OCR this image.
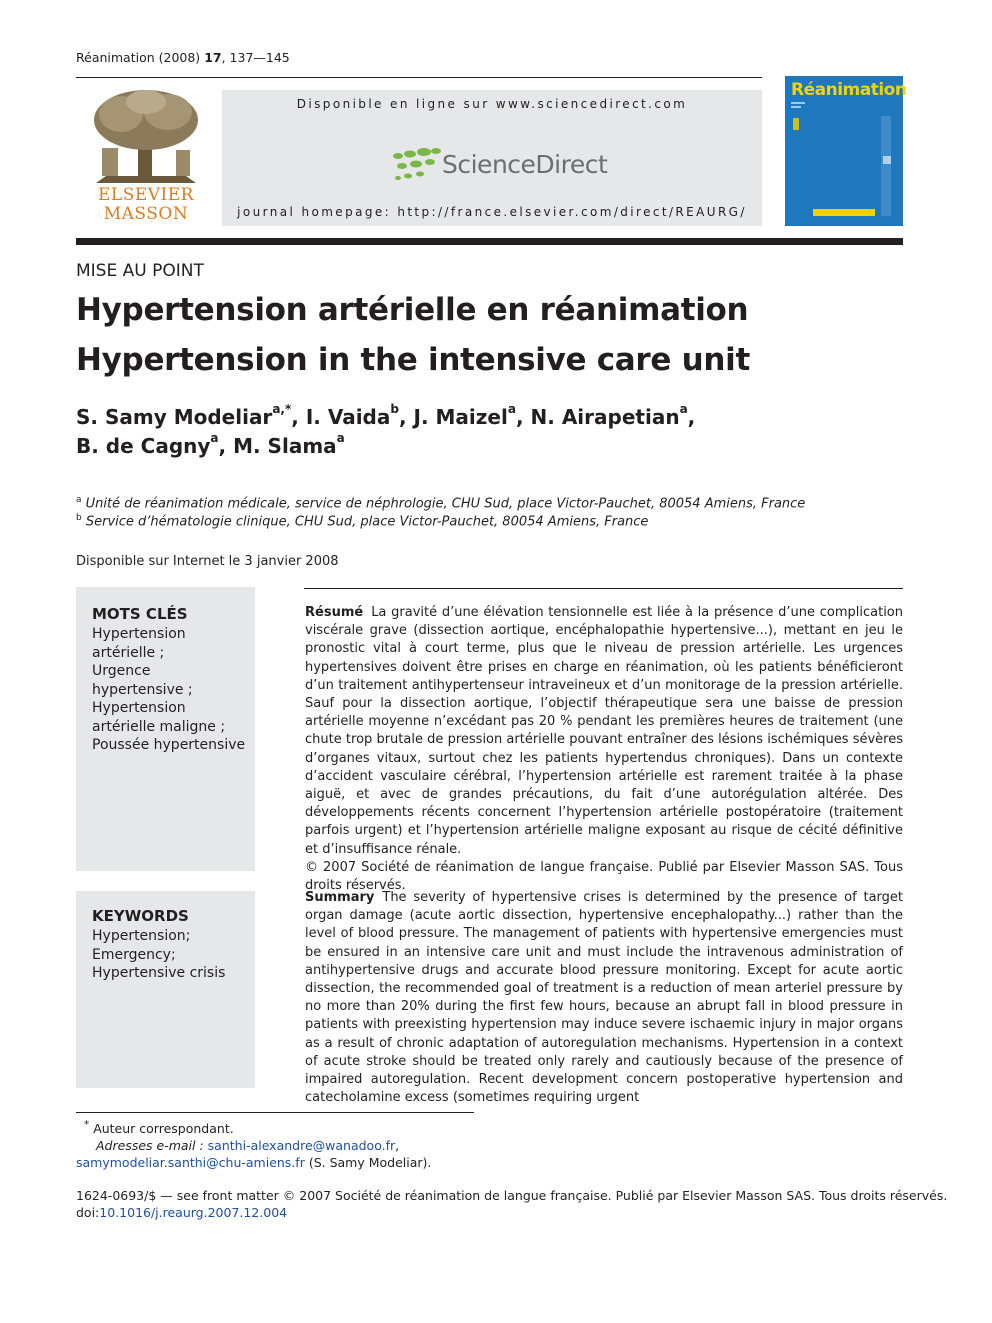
Réanimation (2008) 17, 137—145
ELSEVIER
MASSON
Disponible en ligne sur www.sciencedirect.com
ScienceDirect
journal homepage: http://france.elsevier.com/direct/REAURG/
Réanimation
MISE AU POINT
Hypertension artérielle en réanimation
Hypertension in the intensive care unit
S. Samy Modeliar$^{a,*}$, I. Vaida$^b$, J. Maizel$^a$, N. Airapetian$^a$,
B. de Cagny$^a$, M. Slama$^a$
$^a$ Unité de réanimation médicale, service de néphrologie, CHU Sud, place Victor-Pauchet, 80054 Amiens, France
$^b$ Service d’hématologie clinique, CHU Sud, place Victor-Pauchet, 80054 Amiens, France
Disponible sur Internet le 3 janvier 2008
MOTS CLÉS
Hypertension
artérielle ;
Urgence
hypertensive ;
Hypertension
artérielle maligne ;
Poussée hypertensive
KEYWORDS
Hypertension;
Emergency;
Hypertensive crisis
Résumé La gravité d’une élévation tensionnelle est liée à la présence d’une complication viscérale grave (dissection aortique, encéphalopathie hypertensive...), mettant en jeu le pronostic vital à court terme, plus que le niveau de pression artérielle. Les urgences hypertensives doivent être prises en charge en réanimation, où les patients bénéficieront d’un traitement antihypertenseur intraveineux et d’un monitorage de la pression artérielle. Sauf pour la dissection aortique, l’objectif thérapeutique sera une baisse de pression artérielle moyenne n’excédant pas 20 % pendant les premières heures de traitement (une chute trop brutale de pression artérielle pouvant entraîner des lésions ischémiques sévères d’organes vitaux, surtout chez les patients hypertendus chroniques). Dans un contexte d’accident vasculaire cérébral, l’hypertension artérielle est rarement traitée à la phase aiguë, et avec de grandes précautions, du fait d’une autorégulation altérée. Des développements récents concernent l’hypertension artérielle postopératoire (traitement parfois urgent) et l’hypertension artérielle maligne exposant au risque de cécité définitive et d’insuffisance rénale.
© 2007 Société de réanimation de langue française. Publié par Elsevier Masson SAS. Tous droits réservés.
Summary The severity of hypertensive crises is determined by the presence of target organ damage (acute aortic dissection, hypertensive encephalopathy...) rather than the level of blood pressure. The management of patients with hypertensive emergencies must be ensured in an intensive care unit and must include the intravenous administration of antihypertensive drugs and accurate blood pressure monitoring. Except for acute aortic dissection, the recommended goal of treatment is a reduction of mean arteriel pressure by no more than 20% during the first few hours, because an abrupt fall in blood pressure in patients with preexisting hypertension may induce severe ischaemic injury in major organs as a result of chronic adaptation of autoregulation mechanisms. Hypertension in a context of acute stroke should be treated only rarely and cautiously because of the presence of impaired autoregulation. Recent development concern postoperative hypertension and catecholamine excess (sometimes requiring urgent
* Auteur correspondant.
Adresses e-mail : santhi-alexandre@wanadoo.fr,
samymodeliar.santhi@chu-amiens.fr (S. Samy Modeliar).
1624-0693/$ — see front matter © 2007 Société de réanimation de langue française. Publié par Elsevier Masson SAS. Tous droits réservés.
doi:10.1016/j.reaurg.2007.12.004
